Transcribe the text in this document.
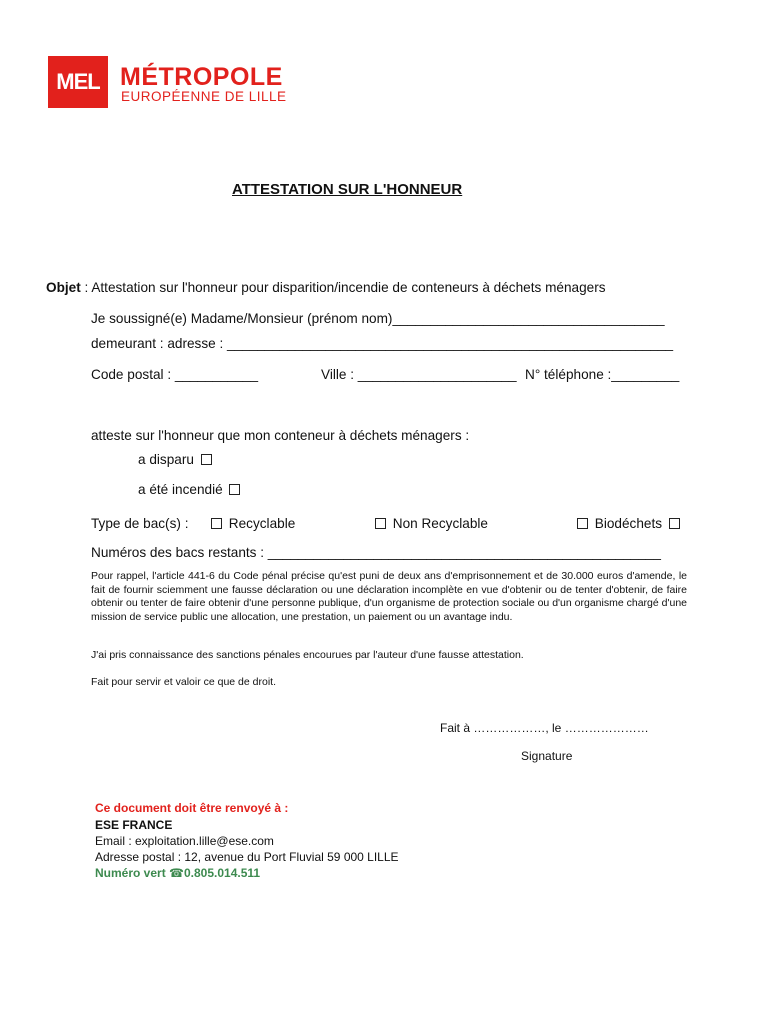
MEL MÉTROPOLE
EUROPÉENNE DE LILLE
ATTESTATION SUR L'HONNEUR
Objet : Attestation sur l'honneur pour disparition/incendie de conteneurs à déchets ménagers
Je soussigné(e) Madame/Monsieur (prénom nom)____________________________________
demeurant : adresse : ___________________________________________________________
Code postal : ___________	Ville : _____________________ N° téléphone :_________
atteste sur l'honneur que mon conteneur à déchets ménagers :
a disparu
a été incendié
Type de bac(s) :	Recyclable	Non Recyclable	Biodéchets
Numéros des bacs restants : ____________________________________________________
Pour rappel, l'article 441-6 du Code pénal précise qu'est puni de deux ans d'emprisonnement et de 30.000 euros d'amende, le fait de fournir sciemment une fausse déclaration ou une déclaration incomplète en vue d'obtenir ou de tenter d'obtenir, de faire obtenir ou tenter de faire obtenir d'une personne publique, d'un organisme de protection sociale ou d'un organisme chargé d'une mission de service public une allocation, une prestation, un paiement ou un avantage indu.
J'ai pris connaissance des sanctions pénales encourues par l'auteur d'une fausse attestation.
Fait pour servir et valoir ce que de droit.
Fait à ………………, le …………………
Signature
Ce document doit être renvoyé à :
ESE FRANCE
Email : exploitation.lille@ese.com
Adresse postal : 12, avenue du Port Fluvial 59 000 LILLE
Numéro vert ☎0.805.014.511
